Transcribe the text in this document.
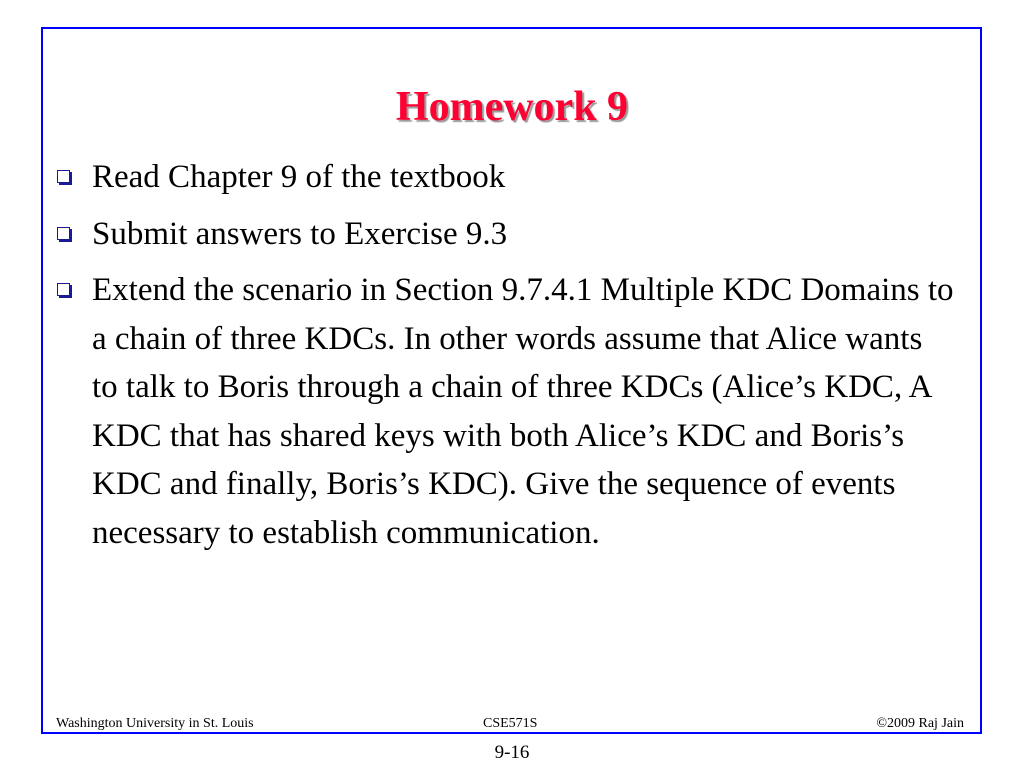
Homework 9
Read Chapter 9 of the textbook
Submit answers to Exercise 9.3
Extend the scenario in Section 9.7.4.1 Multiple KDC Domains to a chain of three KDCs. In other words assume that Alice wants to talk to Boris through a chain of three KDCs (Alice’s KDC, A KDC that has shared keys with both Alice’s KDC and Boris’s KDC and finally, Boris’s KDC). Give the sequence of events necessary to establish communication.
Washington University in St. Louis	CSE571S	©2009 Raj Jain
9-16
